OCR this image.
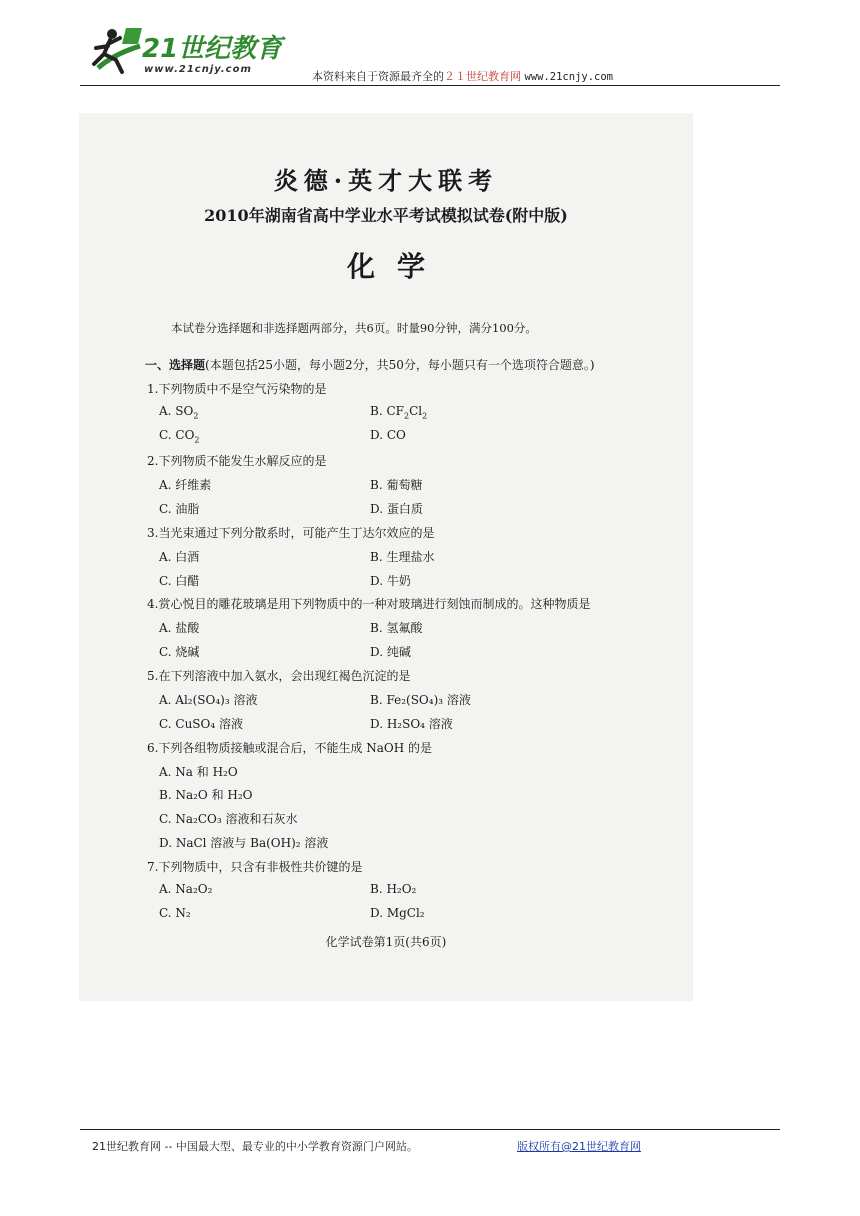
21世纪教育
www.21cnjy.com
本资料来自于资源最齐全的２１世纪教育网 www.21cnjy.com
炎德·英才大联考
2010年湖南省高中学业水平考试模拟试卷(附中版)
化学
本试卷分选择题和非选择题两部分，共6页。时量90分钟，满分100分。
一、选择题(本题包括25小题，每小题2分，共50分，每小题只有一个选项符合题意。)
1.下列物质中不是空气污染物的是
A. $SO_2$	B. $CF_2Cl_2$
C. $CO_2$	D. CO
2.下列物质不能发生水解反应的是
A. 纤维素	B. 葡萄糖
C. 油脂	D. 蛋白质
3.当光束通过下列分散系时，可能产生丁达尔效应的是
A. 白酒	B. 生理盐水
C. 白醋	D. 牛奶
4.赏心悦目的雕花玻璃是用下列物质中的一种对玻璃进行刻蚀而制成的。这种物质是
A. 盐酸	B. 氢氟酸
C. 烧碱	D. 纯碱
5.在下列溶液中加入氨水，会出现红褐色沉淀的是
A. Al₂(SO₄)₃ 溶液	B. Fe₂(SO₄)₃ 溶液
C. CuSO₄ 溶液	D. H₂SO₄ 溶液
6.下列各组物质接触或混合后，不能生成 NaOH 的是
A. Na 和 H₂O
B. Na₂O 和 H₂O
C. Na₂CO₃ 溶液和石灰水
D. NaCl 溶液与 Ba(OH)₂ 溶液
7.下列物质中，只含有非极性共价键的是
A. Na₂O₂	B. H₂O₂
C. N₂	D. MgCl₂
化学试卷第1页(共6页)
21世纪教育网 -- 中国最大型、最专业的中小学教育资源门户网站。	版权所有@21世纪教育网
